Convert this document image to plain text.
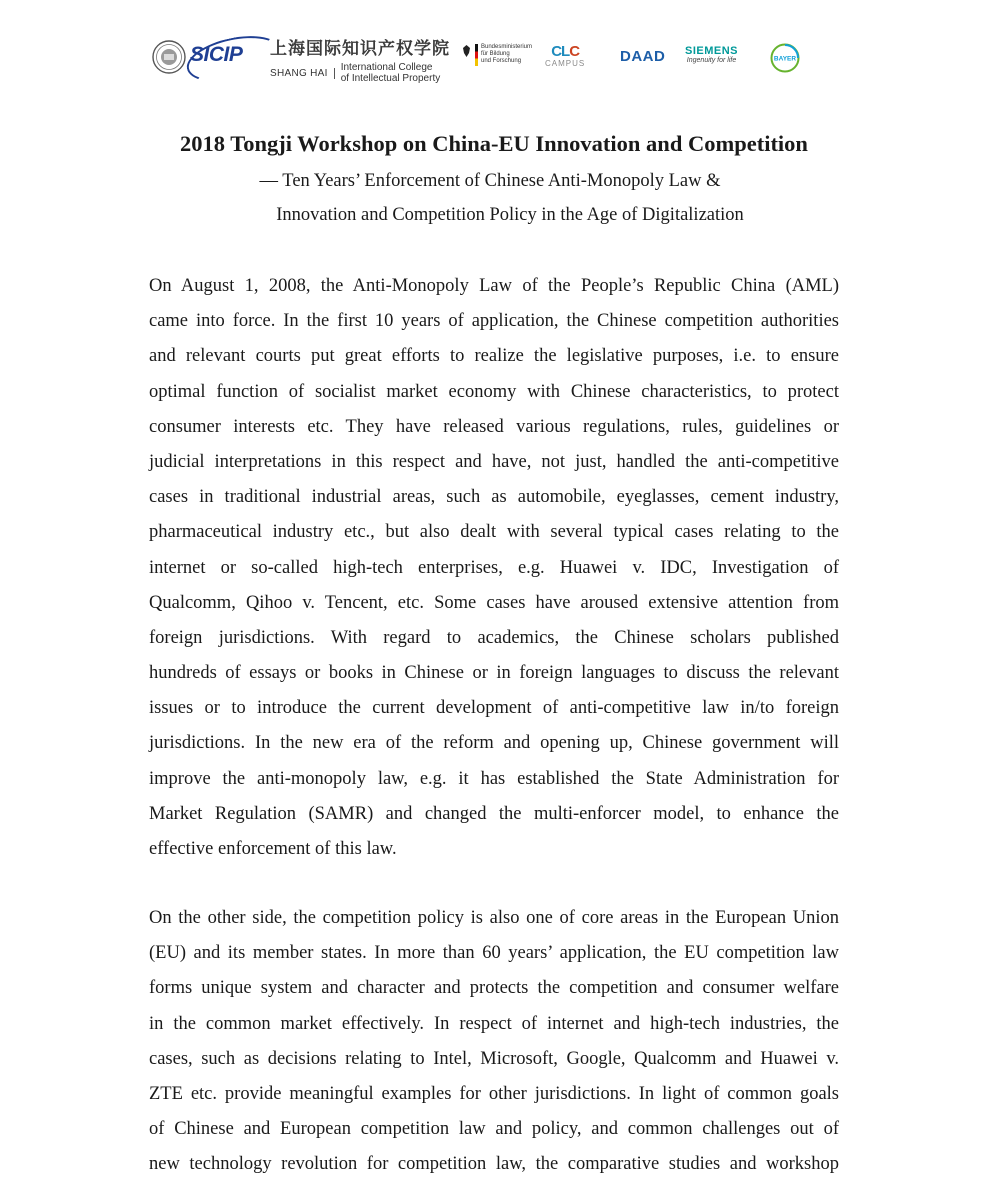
SICIP 上海国际知识产权学院
SHANG HAI	International College
of Intellectual Property
Bundesministerium
für Bildung
und Forschung
CLC
CAMPUS DAAD SIEMENS
Ingenuity for life	BAYER
2018 Tongji Workshop on China-EU Innovation and Competition

— Ten Years’ Enforcement of Chinese Anti-Monopoly Law &

Innovation and Competition Policy in the Age of Digitalization

On August 1, 2008, the Anti-Monopoly Law of the People’s Republic China (AML)
came into force. In the first 10 years of application, the Chinese competition authorities
and relevant courts put great efforts to realize the legislative purposes, i.e. to ensure
optimal function of socialist market economy with Chinese characteristics, to protect
consumer interests etc. They have released various regulations, rules, guidelines or
judicial interpretations in this respect and have, not just, handled the anti-competitive
cases in traditional industrial areas, such as automobile, eyeglasses, cement industry,
pharmaceutical industry etc., but also dealt with several typical cases relating to the
internet or so-called high-tech enterprises, e.g. Huawei v. IDC, Investigation of
Qualcomm, Qihoo v. Tencent, etc. Some cases have aroused extensive attention from
foreign jurisdictions. With regard to academics, the Chinese scholars published
hundreds of essays or books in Chinese or in foreign languages to discuss the relevant
issues or to introduce the current development of anti-competitive law in/to foreign
jurisdictions. In the new era of the reform and opening up, Chinese government will
improve the anti-monopoly law, e.g. it has established the State Administration for
Market Regulation (SAMR) and changed the multi-enforcer model, to enhance the
effective enforcement of this law.
On the other side, the competition policy is also one of core areas in the European Union
(EU) and its member states. In more than 60 years’ application, the EU competition law
forms unique system and character and protects the competition and consumer welfare
in the common market effectively. In respect of internet and high-tech industries, the
cases, such as decisions relating to Intel, Microsoft, Google, Qualcomm and Huawei v.
ZTE etc. provide meaningful examples for other jurisdictions. In light of common goals
of Chinese and European competition law and policy, and common challenges out of
new technology revolution for competition law, the comparative studies and workshop
